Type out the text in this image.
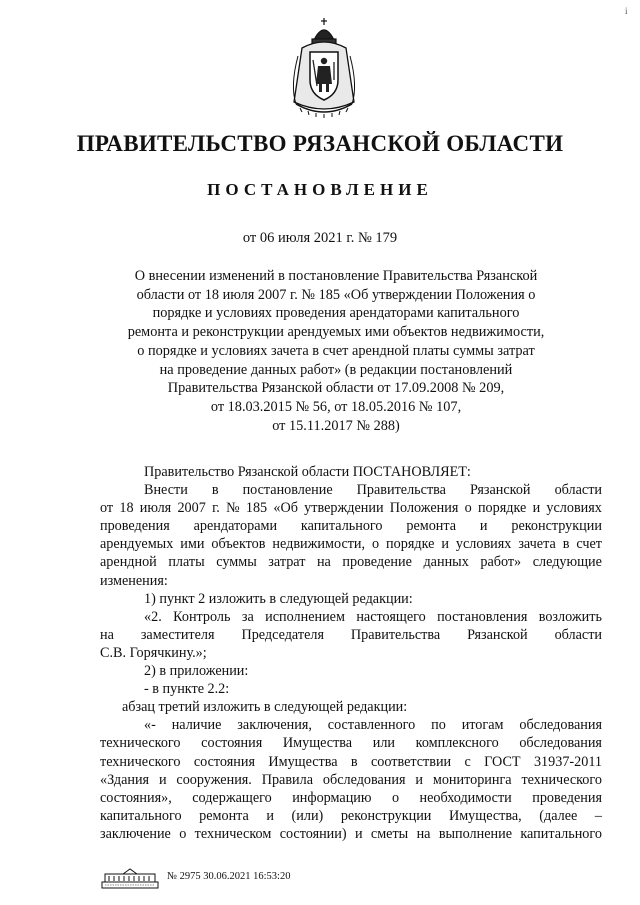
i
ПРАВИТЕЛЬСТВО РЯЗАНСКОЙ ОБЛАСТИ
ПОСТАНОВЛЕНИЕ

от 06 июля 2021 г. № 179

О внесении изменений в постановление Правительства Рязанской
области от 18 июля 2007 г. № 185 «Об утверждении Положения о
порядке и условиях проведения арендаторами капитального
ремонта и реконструкции арендуемых ими объектов недвижимости,
о порядке и условиях зачета в счет арендной платы суммы затрат
на проведение данных работ» (в редакции постановлений
Правительства Рязанской области от 17.09.2008 № 209,
от 18.03.2015 № 56, от 18.05.2016 № 107,
от 15.11.2017 № 288)
Правительство Рязанской области ПОСТАНОВЛЯЕТ:
Внести в постановление Правительства Рязанской области
от 18 июля 2007 г. № 185 «Об утверждении Положения о порядке и условиях
проведения арендаторами капитального ремонта и реконструкции
арендуемых ими объектов недвижимости, о порядке и условиях зачета в счет
арендной платы суммы затрат на проведение данных работ» следующие
изменения:
1) пункт 2 изложить в следующей редакции:
«2. Контроль за исполнением настоящего постановления возложить
на заместителя Председателя Правительства Рязанской области
С.В. Горячкину.»;
2) в приложении:
- в пункте 2.2:
абзац третий изложить в следующей редакции:
«- наличие заключения, составленного по итогам обследования
технического состояния Имущества или комплексного обследования
технического состояния Имущества в соответствии с ГОСТ 31937-2011
«Здания и сооружения. Правила обследования и мониторинга технического
состояния», содержащего информацию о необходимости проведения
капитального ремонта и (или) реконструкции Имущества, (далее –
заключение о техническом состоянии) и сметы на выполнение капитального
№ 2975 30.06.2021 16:53:20
